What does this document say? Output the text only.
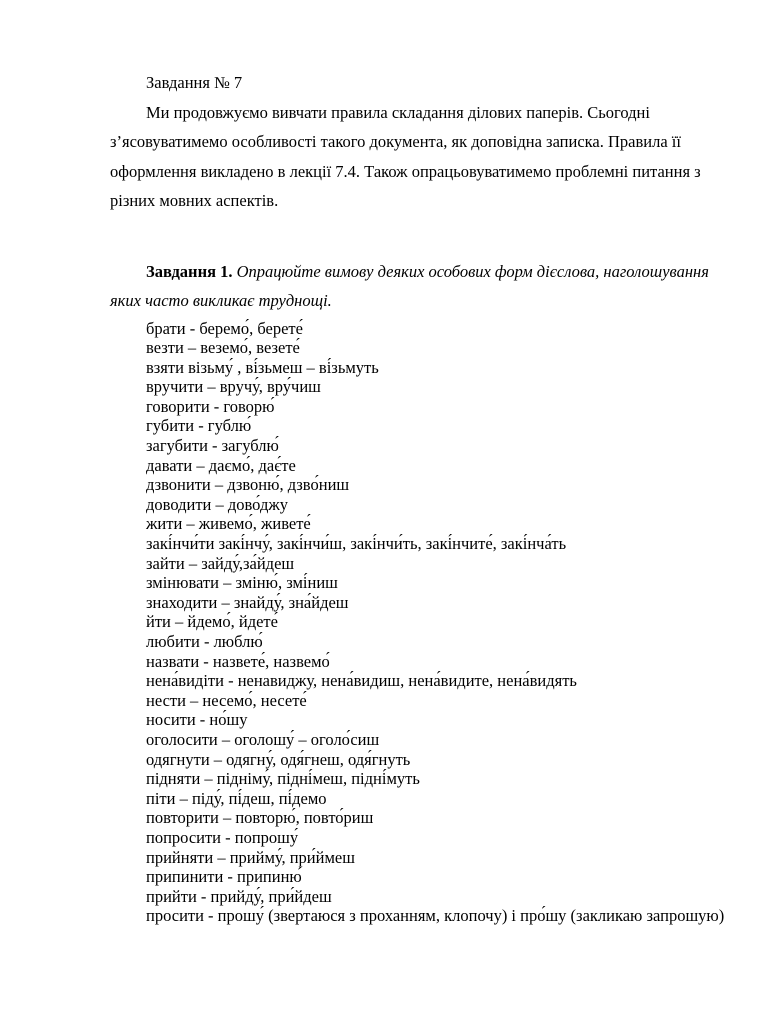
Завдання № 7

Ми продовжуємо вивчати правила складання ділових паперів. Сьогодні з’ясовуватимемо особливості такого документа, як доповідна записка. Правила її оформлення викладено в лекції 7.4. Також опрацьовуватимемо проблемні питання з різних мовних аспектів.

Завдання 1. Опрацюйте вимову деяких особових форм дієслова, наголошування яких часто викликає труднощі.

брати - беремо́, берете́
везти – веземо́, везете́
взяти візьму́ , ві́зьмеш – ві́зьмуть
вручити – вручу́, вру́чиш
говорити - говорю́
губити - гублю́
загубити - загублю́
давати – даємо́, дає́те
дзвонити – дзвоню́, дзво́ниш
доводити – дово́джу
жити – живемо́, живете́
закі́нчи́ти закі́нчу́, закі́нчи́ш, закі́нчи́ть, закі́нчите́, закі́нча́ть
зайти – зайду́,за́йдеш
змінювати – зміню́, змі́ниш
знаходити – знайду́, зна́йдеш
йти – йдемо́, йдете́
любити - люблю́
назвати - назвете́, назвемо́
нена́видіти - ненавиджу, нена́видиш, нена́видите, нена́видять
нести – несемо́, несете́
носити - но́шу
оголосити – оголошу́ – оголо́сиш
одягнути – одягну́, одя́гнеш, одя́гнуть
підняти – підніму́, підні́меш, підні́муть
піти – піду́, пі́деш, пі́демо
повторити – повторю́, повто́риш
попросити - попрошу́
прийняти – прийму́, при́ймеш
припинити - припиню́
прийти - прийду́, при́йдеш
просити - прошу́ (звертаюся з проханням, клопочу) і про́шу (закликаю запрошую)
